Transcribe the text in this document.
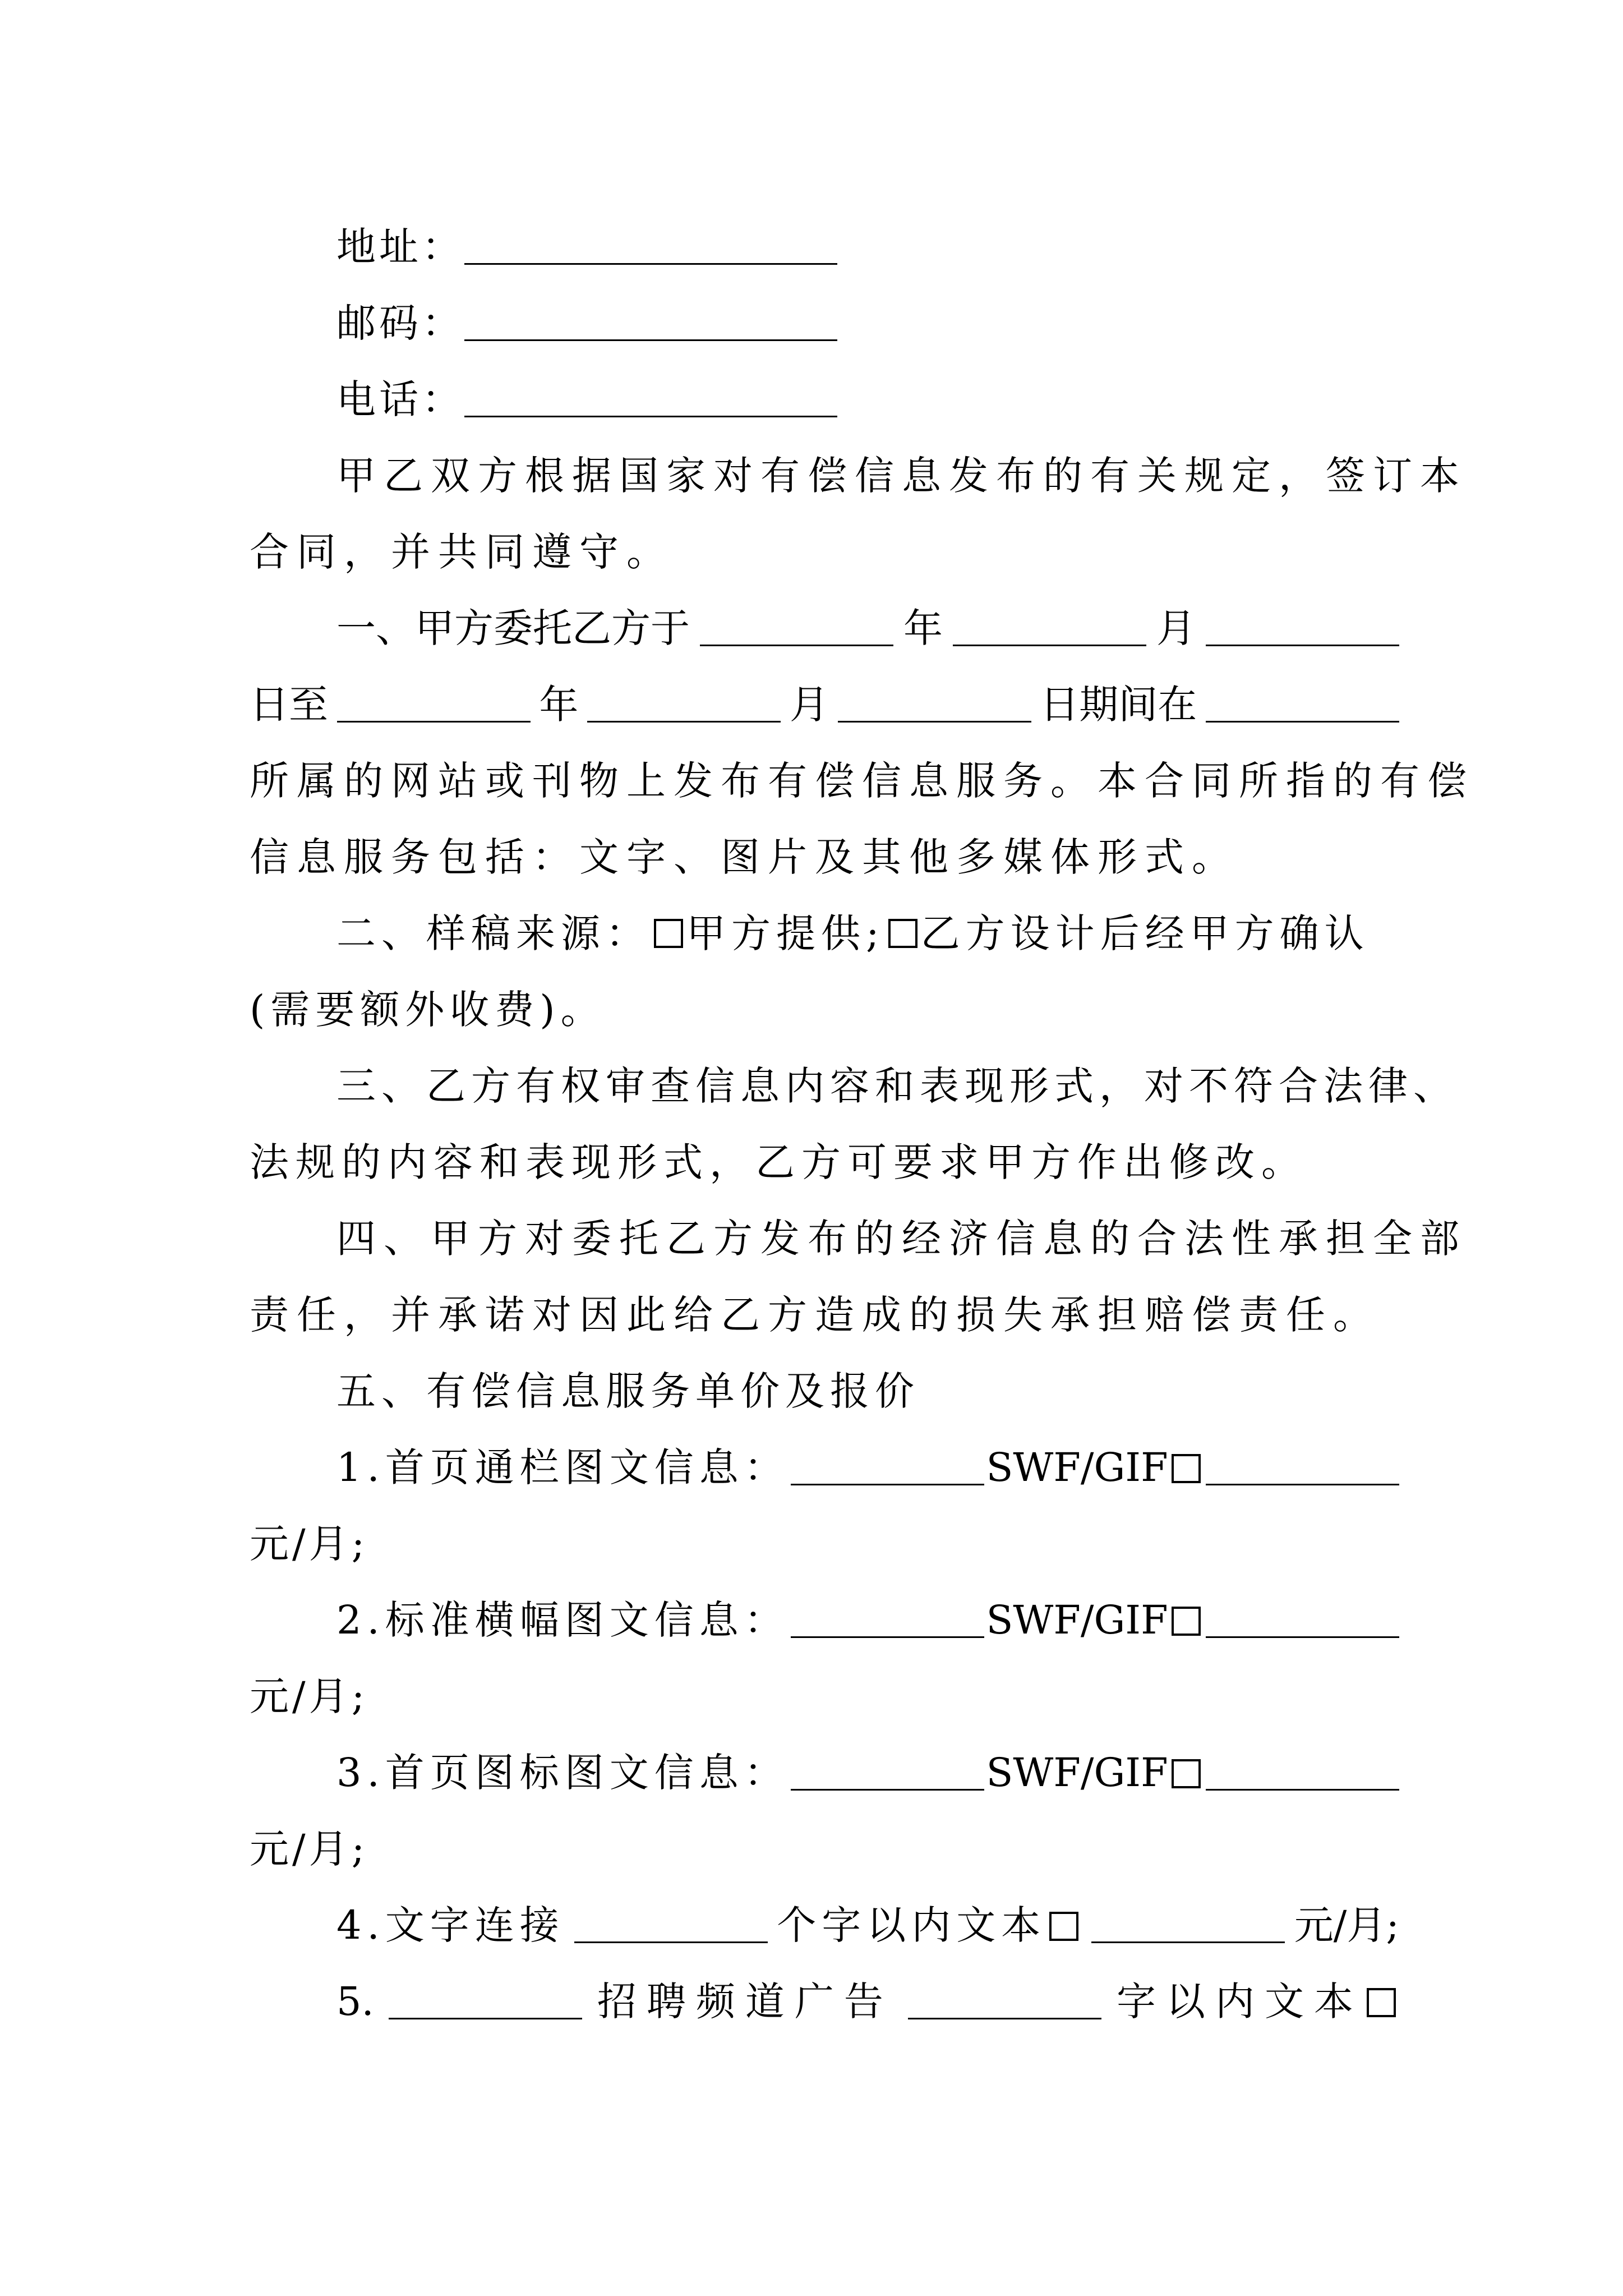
地址：
邮码：
电话：
甲乙双方根据国家对有偿信息发布的有关规定，签订本
合同，并共同遵守。
一、甲方委托乙方于	年	月
日至	年	月	日期间在
所属的网站或刊物上发布有偿信息服务。本合同所指的有偿
信息服务包括：文字、图片及其他多媒体形式。
二、样稿来源： 甲方提供; 乙方设计后经甲方确认
(需要额外收费)。
三、乙方有权审查信息内容和表现形式，对不符合法律、
法规的内容和表现形式，乙方可要求甲方作出修改。
四、甲方对委托乙方发布的经济信息的合法性承担全部
责任，并承诺对因此给乙方造成的损失承担赔偿责任。
五、有偿信息服务单价及报价
1.首页通栏图文信息：	SWF/GIF
元/月;
2.标准横幅图文信息：	SWF/GIF
元/月;
3.首页图标图文信息：	SWF/GIF
元/月;
4.文字连接	个字以内文本	元/月;
5.	招聘频道广告	字以内文本
